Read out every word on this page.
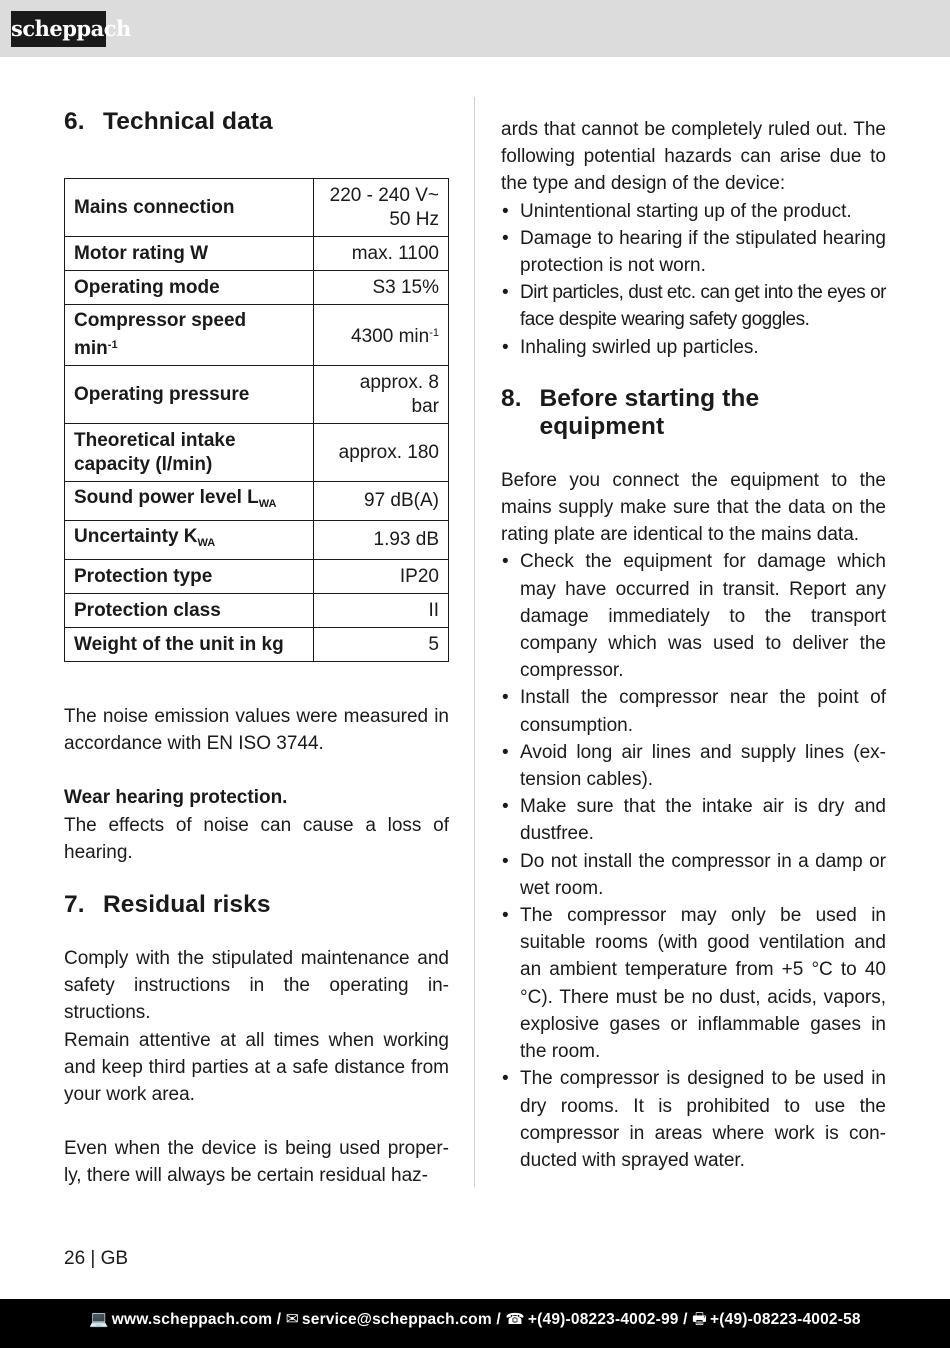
scheppach
6. Technical data
Mains connection	220 - 240 V~
50 Hz
Motor rating W	max. 1100
Operating mode	S3 15%
Compressor speed
$\min^{-1}$	4300 $\min^{-1}$
Operating pressure	approx. 8
bar
Theoretical intake
capacity (l/min)	approx. 180
Sound power level $L_{WA}$	97 dB(A)
Uncertainty $K_{WA}$	1.93 dB
Protection type	IP20
Protection class	II
Weight of the unit in kg	5

The noise emission values were measured in accordance with EN ISO 3744.

Wear hearing protection.

The effects of noise can cause a loss of hearing.

7. Residual risks

Comply with the stipulated maintenance and safety instructions in the operating in-structions.

Remain attentive at all times when working and keep third parties at a safe distance from your work area.

Even when the device is being used proper-ly, there will always be certain residual haz-

ards that cannot be completely ruled out. The following potential hazards can arise due to the type and design of the device:

• Unintentional starting up of the product.
• Damage to hearing if the stipulated hearing protection is not worn.
• Dirt particles, dust etc. can get into the eyes or face despite wearing safety goggles.
• Inhaling swirled up particles.
8. Before starting the equipment

Before you connect the equipment to the mains supply make sure that the data on the rating plate are identical to the mains data.

• Check the equipment for damage which may have occurred in transit. Report any damage immediately to the transport company which was used to deliver the compressor.
• Install the compressor near the point of consumption.
• Avoid long air lines and supply lines (ex-tension cables).
• Make sure that the intake air is dry and dustfree.
• Do not install the compressor in a damp or wet room.
• The compressor may only be used in suitable rooms (with good ventilation and an ambient temperature from +5 °C to 40 °C). There must be no dust, acids, vapors, explosive gases or inflammable gases in the room.
• The compressor is designed to be used in dry rooms. It is prohibited to use the compressor in areas where work is con-ducted with sprayed water.
26 | GB
💻 www.scheppach.com / ✉ service@scheppach.com / ☎ +(49)-08223-4002-99 / 🖶 +(49)-08223-4002-58
